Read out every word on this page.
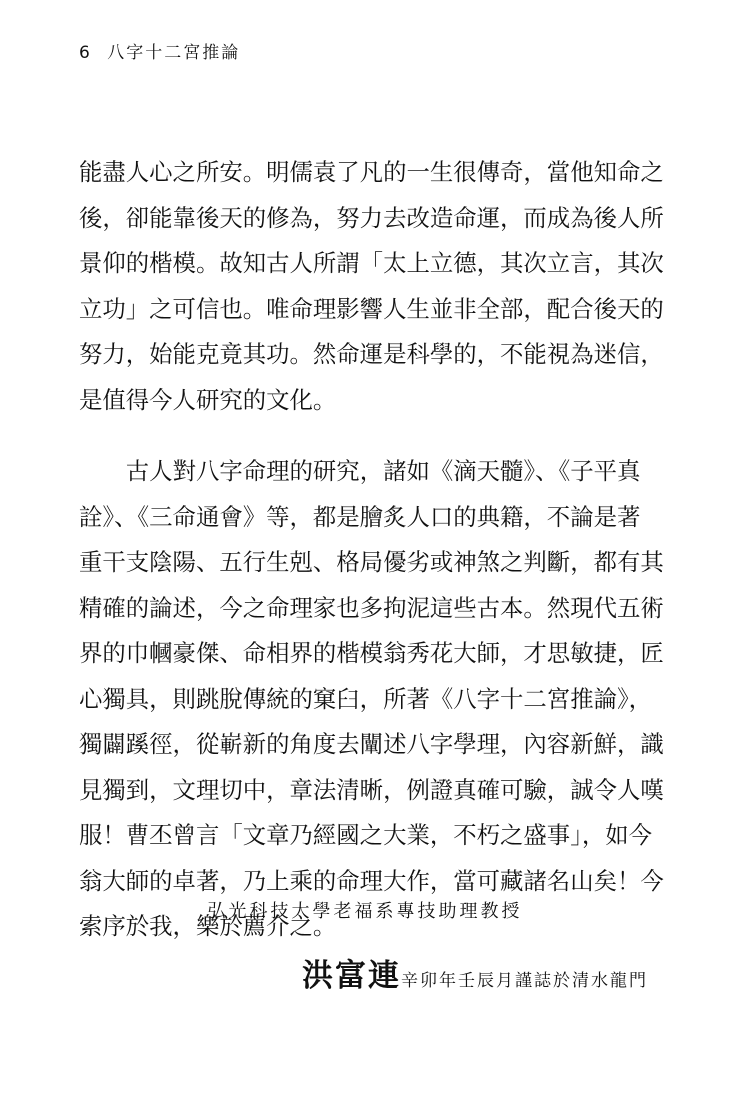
6 八字十二宮推論

能盡人心之所安。明儒袁了凡的一生很傳奇，當他知命之
後，卻能靠後天的修為，努力去改造命運，而成為後人所
景仰的楷模。故知古人所謂「太上立德，其次立言，其次
立功」之可信也。唯命理影響人生並非全部，配合後天的
努力，始能克竟其功。然命運是科學的，不能視為迷信，
是值得今人研究的文化。

古人對八字命理的研究，諸如《滴天髓》、《子平真
詮》、《三命通會》等，都是膾炙人口的典籍，不論是著
重干支陰陽、五行生剋、格局優劣或神煞之判斷，都有其
精確的論述，今之命理家也多拘泥這些古本。然現代五術
界的巾幗豪傑、命相界的楷模翁秀花大師，才思敏捷，匠
心獨具，則跳脫傳統的窠臼，所著《八字十二宮推論》，
獨闢蹊徑，從嶄新的角度去闡述八字學理，內容新鮮，識
見獨到，文理切中，章法清晰，例證真確可驗，誠令人嘆
服！曹丕曾言「文章乃經國之大業，不朽之盛事」，如今
翁大師的卓著，乃上乘的命理大作，當可藏諸名山矣！今
索序於我，樂於薦介之。

弘光科技大學老福系專技助理教授
洪富連辛卯年壬辰月謹誌於清水龍門
